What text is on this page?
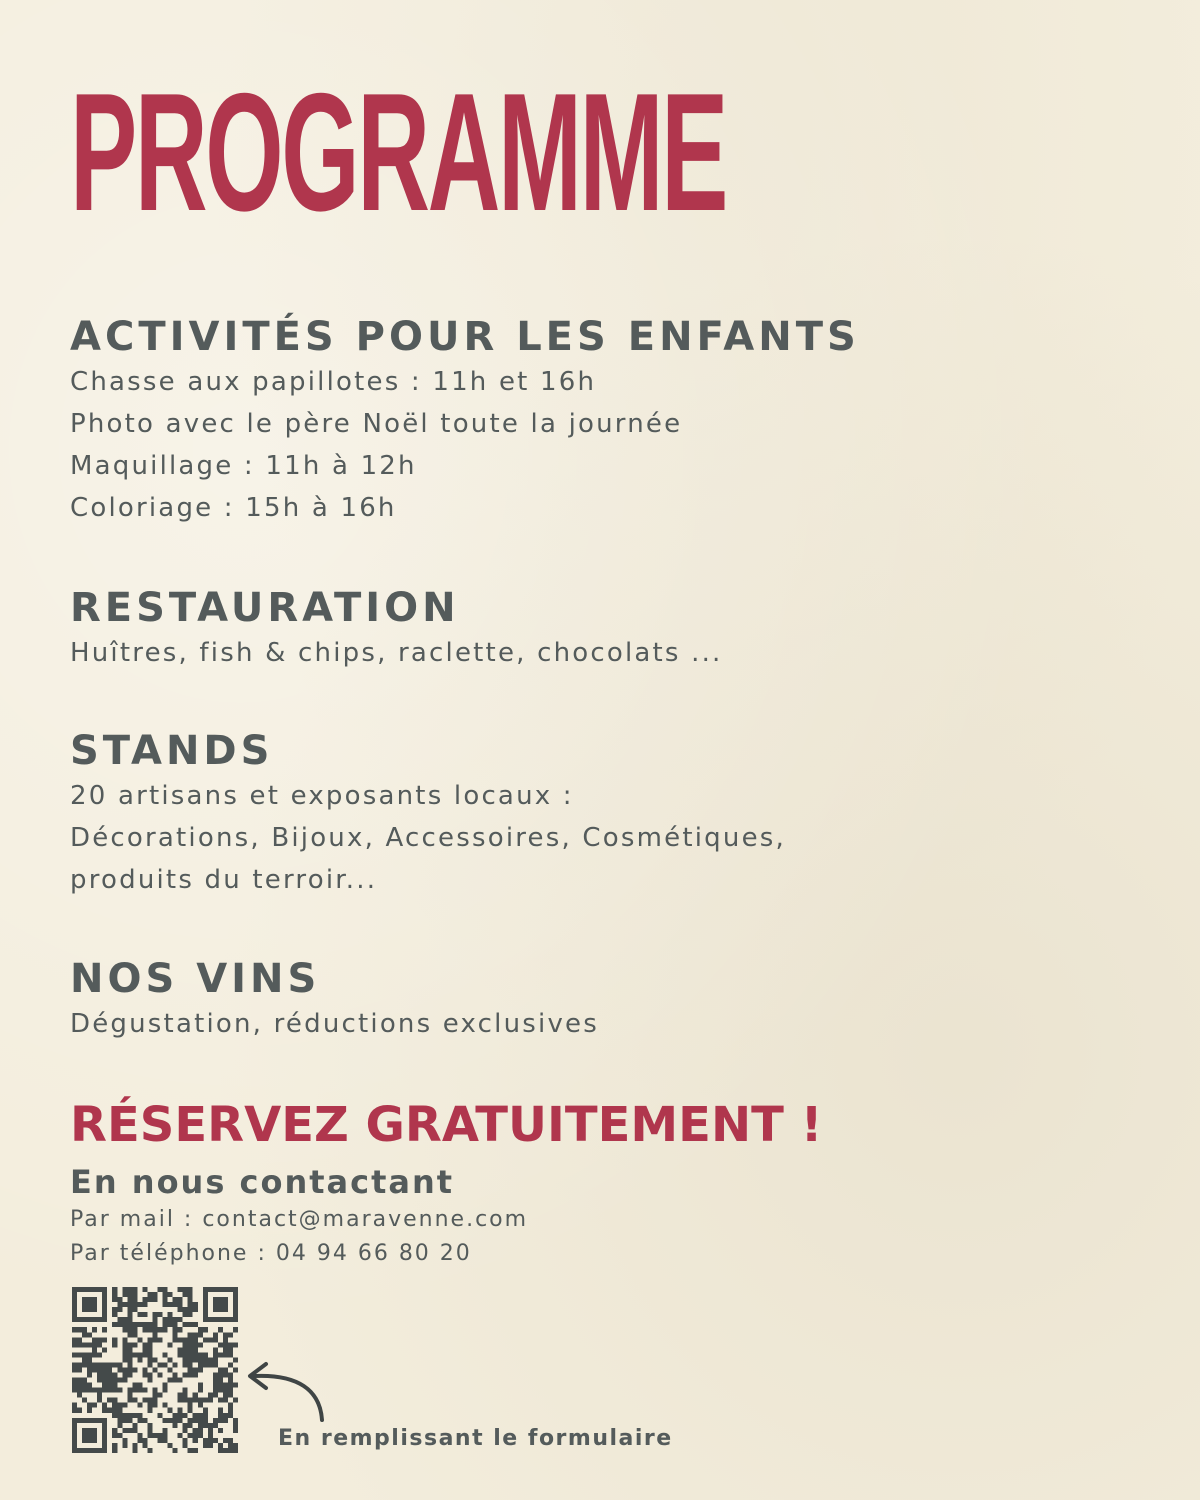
PROGRAMME
ACTIVITÉS POUR LES ENFANTS

Chasse aux papillotes : 11h et 16h

Photo avec le père Noël toute la journée

Maquillage : 11h à 12h

Coloriage : 15h à 16h

RESTAURATION

Huîtres, fish & chips, raclette, chocolats ...

STANDS

20 artisans et exposants locaux :

Décorations, Bijoux, Accessoires, Cosmétiques,

produits du terroir...

NOS VINS

Dégustation, réductions exclusives

RÉSERVEZ GRATUITEMENT !

En nous contactant

Par mail : contact@maravenne.com

Par téléphone : 04 94 66 80 20

En remplissant le formulaire
